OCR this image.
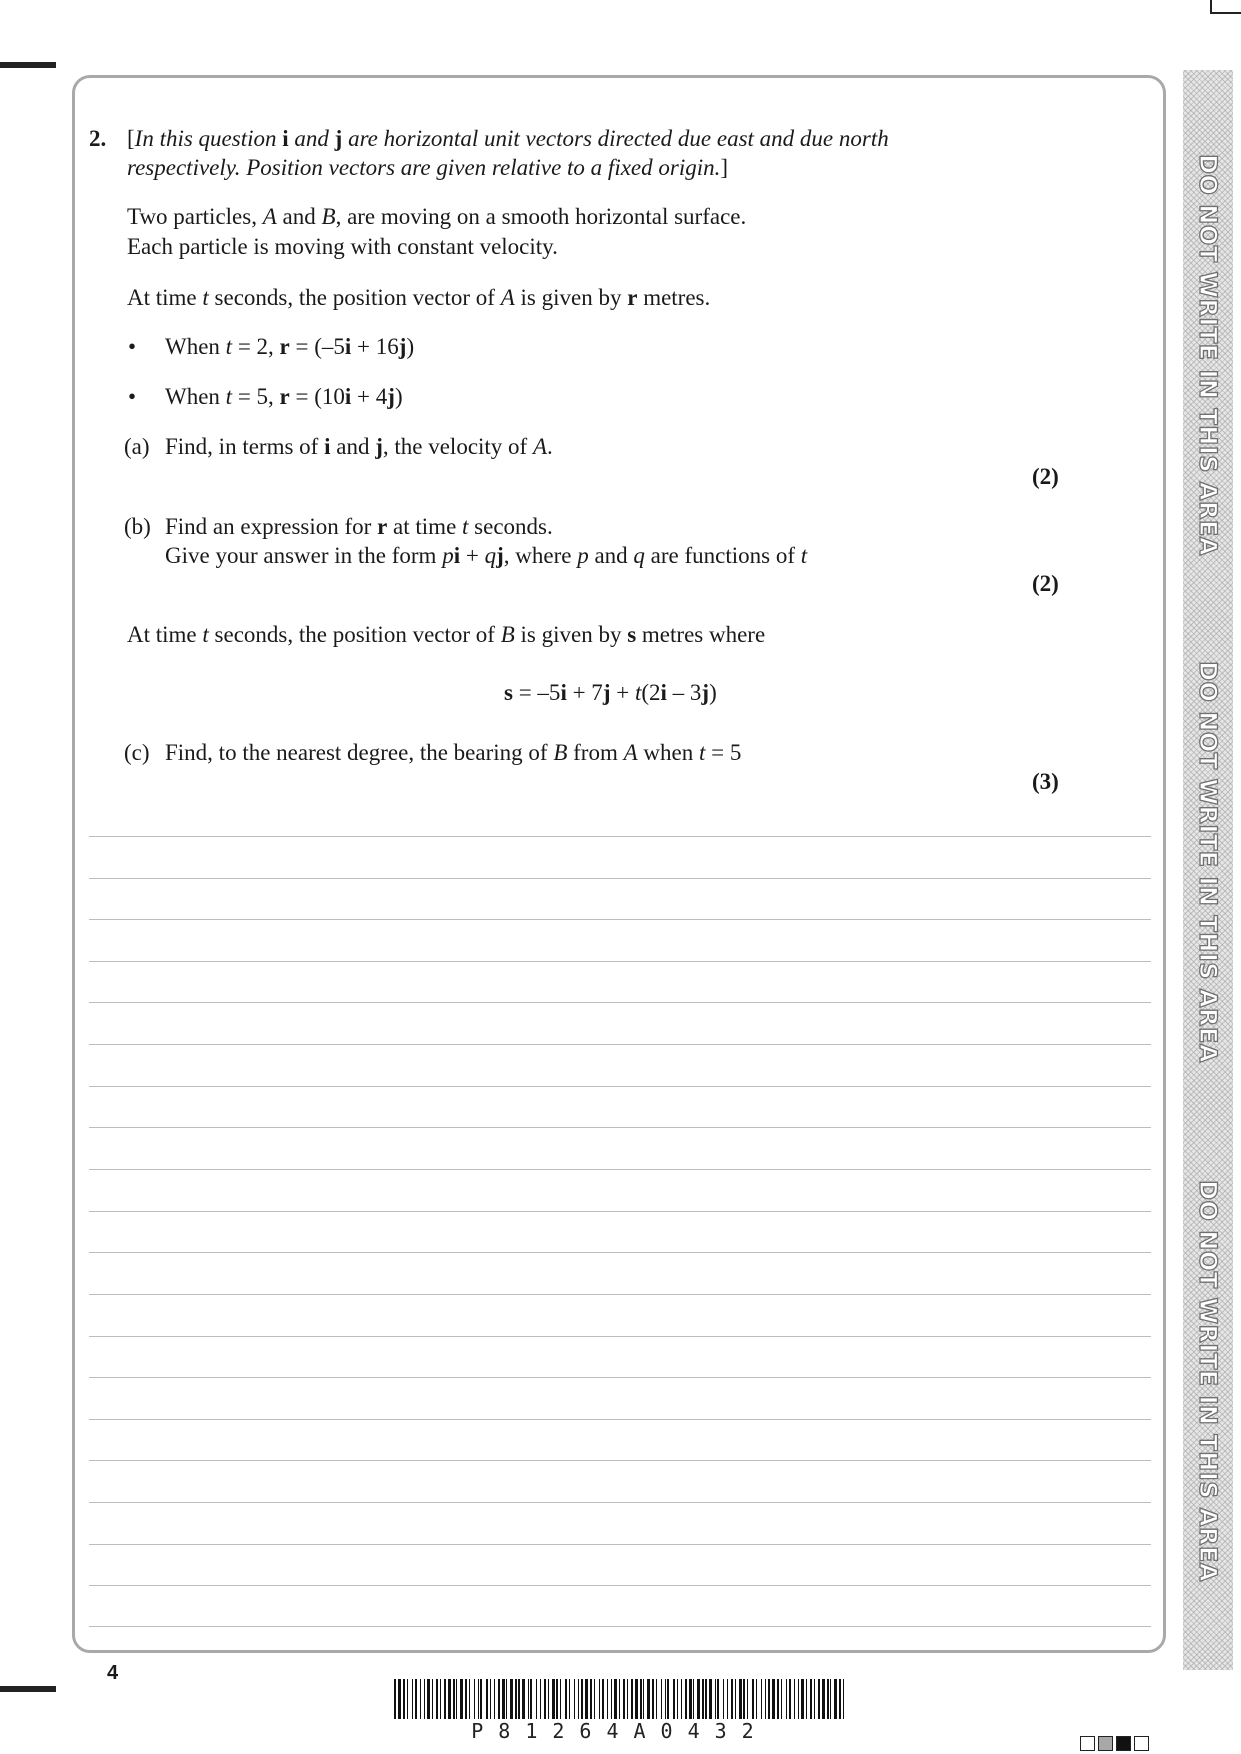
DO NOT WRITE IN THIS AREA
DO NOT WRITE IN THIS AREA
DO NOT WRITE IN THIS AREA
2. [In this question i and j are horizontal unit vectors directed due east and due north
respectively. Position vectors are given relative to a fixed origin.]
Two particles, A and B, are moving on a smooth horizontal surface.
Each particle is moving with constant velocity.
At time t seconds, the position vector of A is given by r metres.
• When t = 2, r = (–5i + 16j)
• When t = 5, r = (10i + 4j)
(a) Find, in terms of i and j, the velocity of A.
(2)
(b) Find an expression for r at time t seconds.
Give your answer in the form pi + qj, where p and q are functions of t
(2)
At time t seconds, the position vector of B is given by s metres where
s = –5i + 7j + t(2i – 3j)
(c) Find, to the nearest degree, the bearing of B from A when t = 5
(3)
4
P81264A0432
